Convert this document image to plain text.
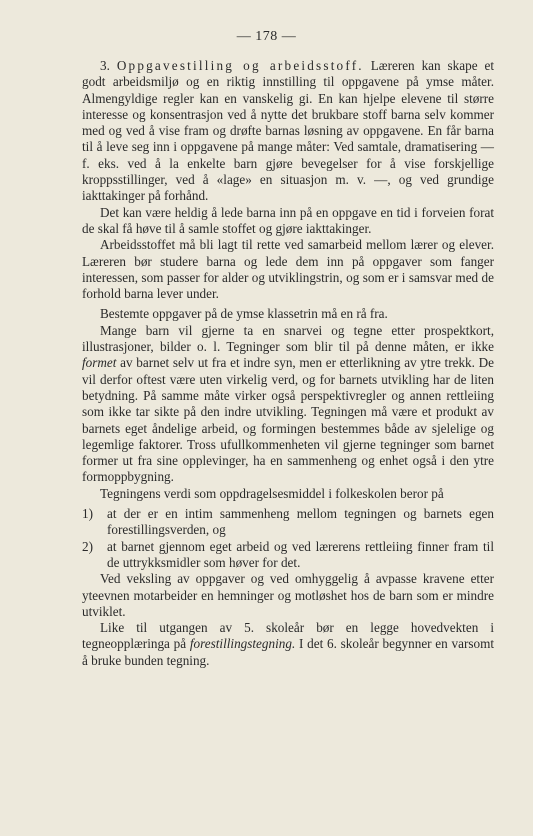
— 178 —

3. Oppgavestilling og arbeidsstoff. Læreren kan skape et godt arbeidsmiljø og en riktig innstilling til oppgavene på ymse måter. Almengyldige regler kan en vanskelig gi. En kan hjelpe elevene til større interesse og konsentrasjon ved å nytte det brukbare stoff barna selv kommer med og ved å vise fram og drøfte barnas løsning av oppgavene. En får barna til å leve seg inn i oppgavene på mange måter: Ved samtale, dramatisering — f. eks. ved å la enkelte barn gjøre bevegelser for å vise forskjellige kroppsstillinger, ved å «lage» en situasjon m. v. —, og ved grundige iakttakinger på forhånd.

Det kan være heldig å lede barna inn på en oppgave en tid i forveien forat de skal få høve til å samle stoffet og gjøre iakttakinger.

Arbeidsstoffet må bli lagt til rette ved samarbeid mellom lærer og elever. Læreren bør studere barna og lede dem inn på oppgaver som fanger interessen, som passer for alder og utviklingstrin, og som er i samsvar med de forhold barna lever under.

Bestemte oppgaver på de ymse klassetrin må en rå fra.

Mange barn vil gjerne ta en snarvei og tegne etter prospektkort, illustrasjoner, bilder o. l. Tegninger som blir til på denne måten, er ikke formet av barnet selv ut fra et indre syn, men er etterlikning av ytre trekk. De vil derfor oftest være uten virkelig verd, og for barnets utvikling har de liten betydning. På samme måte virker også perspektivregler og annen rettleiing som ikke tar sikte på den indre utvikling. Tegningen må være et produkt av barnets eget åndelige arbeid, og formingen bestemmes både av sjelelige og legemlige faktorer. Tross ufullkommenheten vil gjerne tegninger som barnet former ut fra sine opplevinger, ha en sammenheng og enhet også i den ytre formoppbygning.

Tegningens verdi som oppdragelsesmiddel i folkeskolen beror på

1)	at der er en intim sammenheng mellom tegningen og barnets egen forestillingsverden, og
2)	at barnet gjennom eget arbeid og ved lærerens rettleiing finner fram til de uttrykksmidler som høver for det.

Ved veksling av oppgaver og ved omhyggelig å avpasse kravene etter yteevnen motarbeider en hemninger og motløshet hos de barn som er mindre utviklet.

Like til utgangen av 5. skoleår bør en legge hovedvekten i tegneopplæringa på forestillingstegning. I det 6. skoleår begynner en varsomt å bruke bunden tegning.
